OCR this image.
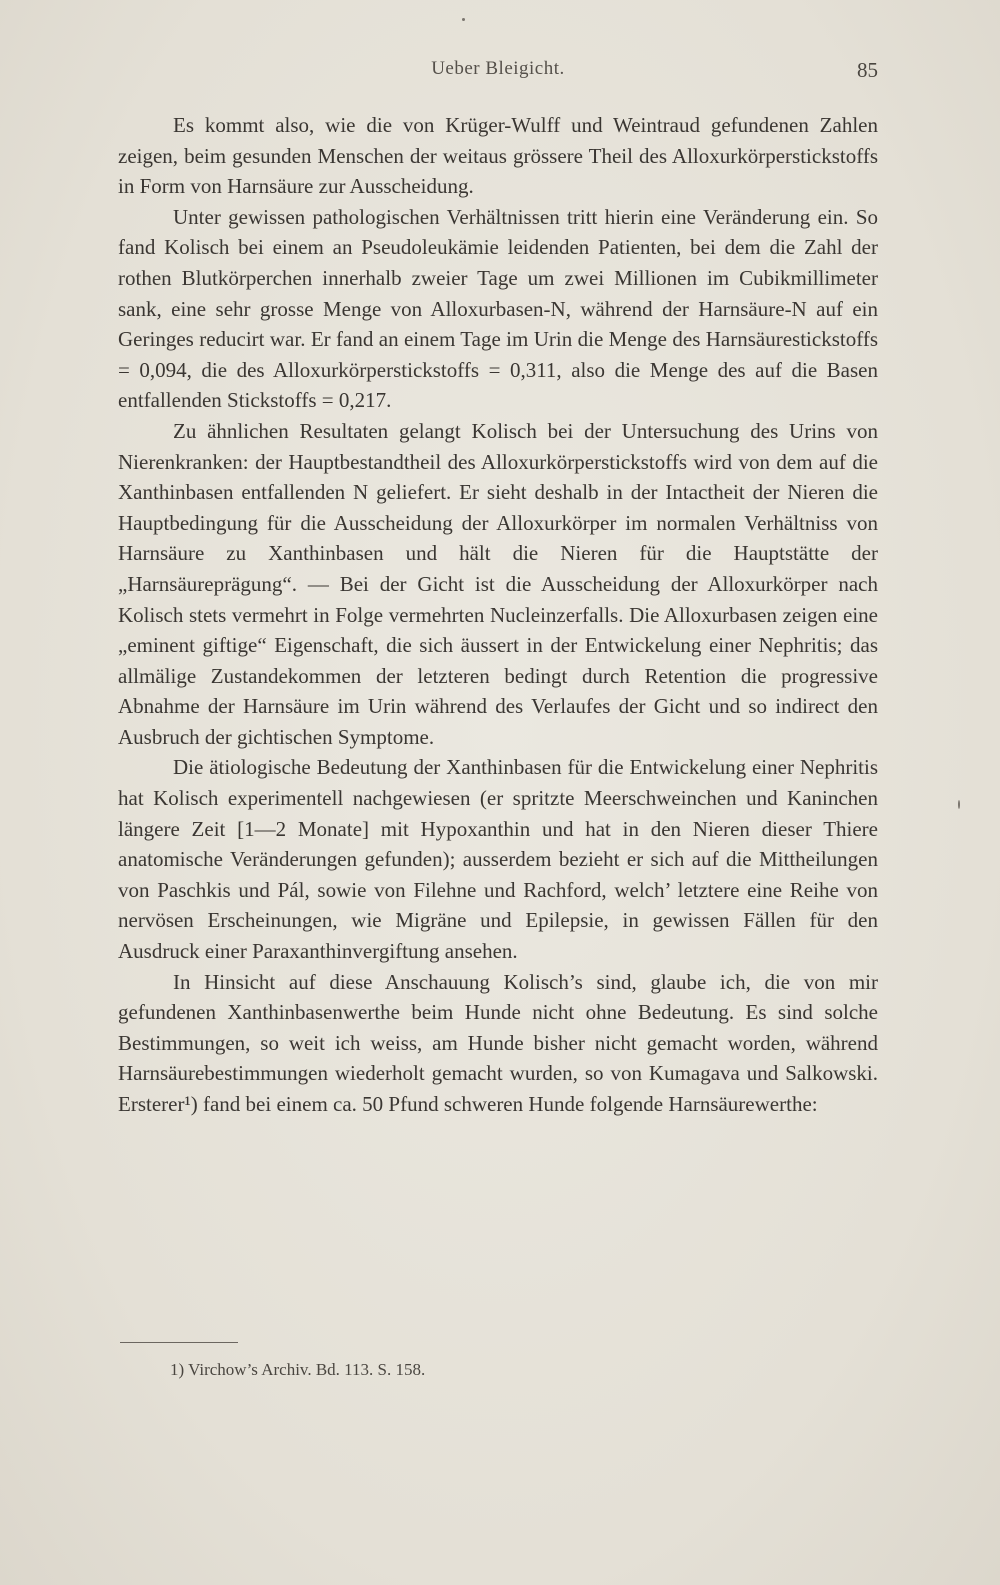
Ueber Bleigicht.	85

Es kommt also, wie die von Krüger-Wulff und Weintraud gefundenen Zahlen zeigen, beim gesunden Menschen der weitaus grössere Theil des Alloxurkörperstickstoffs in Form von Harnsäure zur Ausscheidung.

Unter gewissen pathologischen Verhältnissen tritt hierin eine Veränderung ein. So fand Kolisch bei einem an Pseudoleukämie leidenden Patienten, bei dem die Zahl der rothen Blutkörperchen innerhalb zweier Tage um zwei Millionen im Cubikmillimeter sank, eine sehr grosse Menge von Alloxurbasen-N, während der Harnsäure-N auf ein Geringes reducirt war. Er fand an einem Tage im Urin die Menge des Harnsäurestickstoffs = 0,094, die des Alloxurkörperstickstoffs = 0,311, also die Menge des auf die Basen entfallenden Stickstoffs = 0,217.

Zu ähnlichen Resultaten gelangt Kolisch bei der Untersuchung des Urins von Nierenkranken: der Hauptbestandtheil des Alloxurkörperstickstoffs wird von dem auf die Xanthinbasen entfallenden N geliefert. Er sieht deshalb in der Intactheit der Nieren die Hauptbedingung für die Ausscheidung der Alloxurkörper im normalen Verhältniss von Harnsäure zu Xanthinbasen und hält die Nieren für die Hauptstätte der „Harnsäureprägung“. — Bei der Gicht ist die Ausscheidung der Alloxurkörper nach Kolisch stets vermehrt in Folge vermehrten Nucleinzerfalls. Die Alloxurbasen zeigen eine „eminent giftige“ Eigenschaft, die sich äussert in der Entwickelung einer Nephritis; das allmälige Zustandekommen der letzteren bedingt durch Retention die progressive Abnahme der Harnsäure im Urin während des Verlaufes der Gicht und so indirect den Ausbruch der gichtischen Symptome.

Die ätiologische Bedeutung der Xanthinbasen für die Entwickelung einer Nephritis hat Kolisch experimentell nachgewiesen (er spritzte Meerschweinchen und Kaninchen längere Zeit [1—2 Monate] mit Hypoxanthin und hat in den Nieren dieser Thiere anatomische Veränderungen gefunden); ausserdem bezieht er sich auf die Mittheilungen von Paschkis und Pál, sowie von Filehne und Rachford, welch’ letztere eine Reihe von nervösen Erscheinungen, wie Migräne und Epilepsie, in gewissen Fällen für den Ausdruck einer Paraxanthinvergiftung ansehen.

In Hinsicht auf diese Anschauung Kolisch’s sind, glaube ich, die von mir gefundenen Xanthinbasenwerthe beim Hunde nicht ohne Bedeutung. Es sind solche Bestimmungen, so weit ich weiss, am Hunde bisher nicht gemacht worden, während Harnsäurebestimmungen wiederholt gemacht wurden, so von Kumagava und Salkowski. Ersterer¹) fand bei einem ca. 50 Pfund schweren Hunde folgende Harnsäurewerthe:

1) Virchow’s Archiv. Bd. 113. S. 158.
